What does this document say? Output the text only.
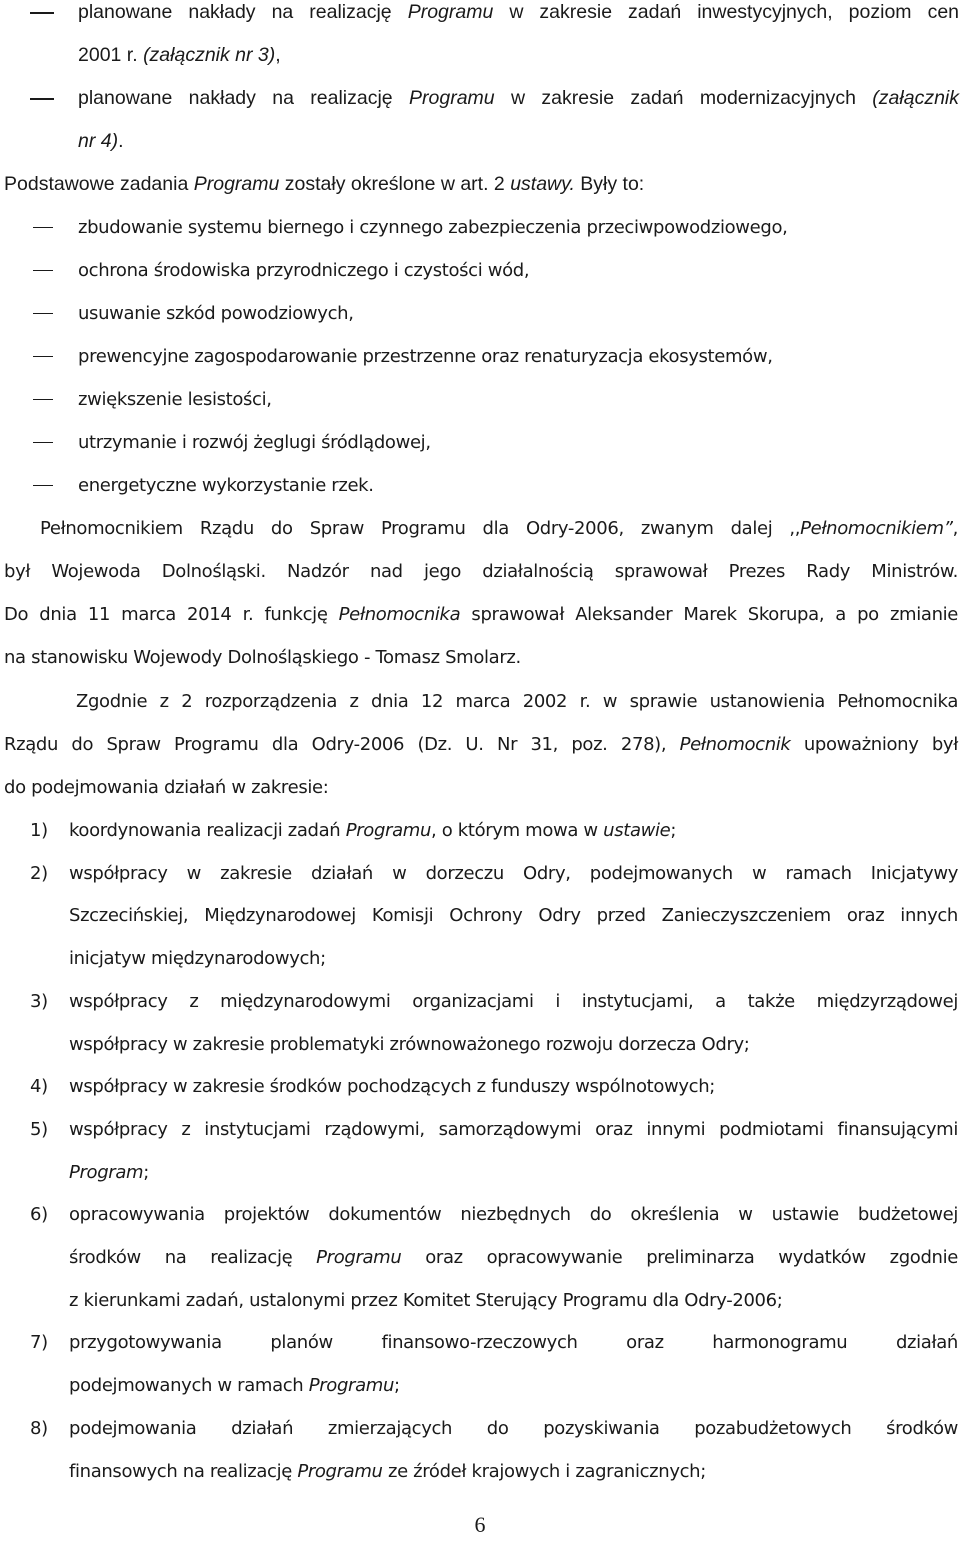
planowane nakłady na realizację Programu w zakresie zadań inwestycyjnych, poziom cen
2001 r. (załącznik nr 3),
planowane nakłady na realizację Programu w zakresie zadań modernizacyjnych (załącznik
nr 4).
Podstawowe zadania Programu zostały określone w art. 2 ustawy. Były to:
zbudowanie systemu biernego i czynnego zabezpieczenia przeciwpowodziowego,
ochrona środowiska przyrodniczego i czystości wód,
usuwanie szkód powodziowych,
prewencyjne zagospodarowanie przestrzenne oraz renaturyzacja ekosystemów,
zwiększenie lesistości,
utrzymanie i rozwój żeglugi śródlądowej,
energetyczne wykorzystanie rzek.
Pełnomocnikiem Rządu do Spraw Programu dla Odry-2006, zwanym dalej ,,Pełnomocnikiem”,
był Wojewoda Dolnośląski. Nadzór nad jego działalnością sprawował Prezes Rady Ministrów.
Do dnia 11 marca 2014 r. funkcję Pełnomocnika sprawował Aleksander Marek Skorupa, a po zmianie
na stanowisku Wojewody Dolnośląskiego - Tomasz Smolarz.
Zgodnie z 2 rozporządzenia z dnia 12 marca 2002 r. w sprawie ustanowienia Pełnomocnika
Rządu do Spraw Programu dla Odry-2006 (Dz. U. Nr 31, poz. 278), Pełnomocnik upoważniony był
do podejmowania działań w zakresie:
1) koordynowania realizacji zadań Programu, o którym mowa w ustawie;
2) współpracy w zakresie działań w dorzeczu Odry, podejmowanych w ramach Inicjatywy
Szczecińskiej, Międzynarodowej Komisji Ochrony Odry przed Zanieczyszczeniem oraz innych
inicjatyw międzynarodowych;
3) współpracy z międzynarodowymi organizacjami i instytucjami, a także międzyrządowej
współpracy w zakresie problematyki zrównoważonego rozwoju dorzecza Odry;
4) współpracy w zakresie środków pochodzących z funduszy wspólnotowych;
5) współpracy z instytucjami rządowymi, samorządowymi oraz innymi podmiotami finansującymi
Program;
6) opracowywania projektów dokumentów niezbędnych do określenia w ustawie budżetowej
środków na realizację Programu oraz opracowywanie preliminarza wydatków zgodnie
z kierunkami zadań, ustalonymi przez Komitet Sterujący Programu dla Odry-2006;
7) przygotowywania planów finansowo-rzeczowych oraz harmonogramu działań
podejmowanych w ramach Programu;
8) podejmowania działań zmierzających do pozyskiwania pozabudżetowych środków
finansowych na realizację Programu ze źródeł krajowych i zagranicznych;
6
